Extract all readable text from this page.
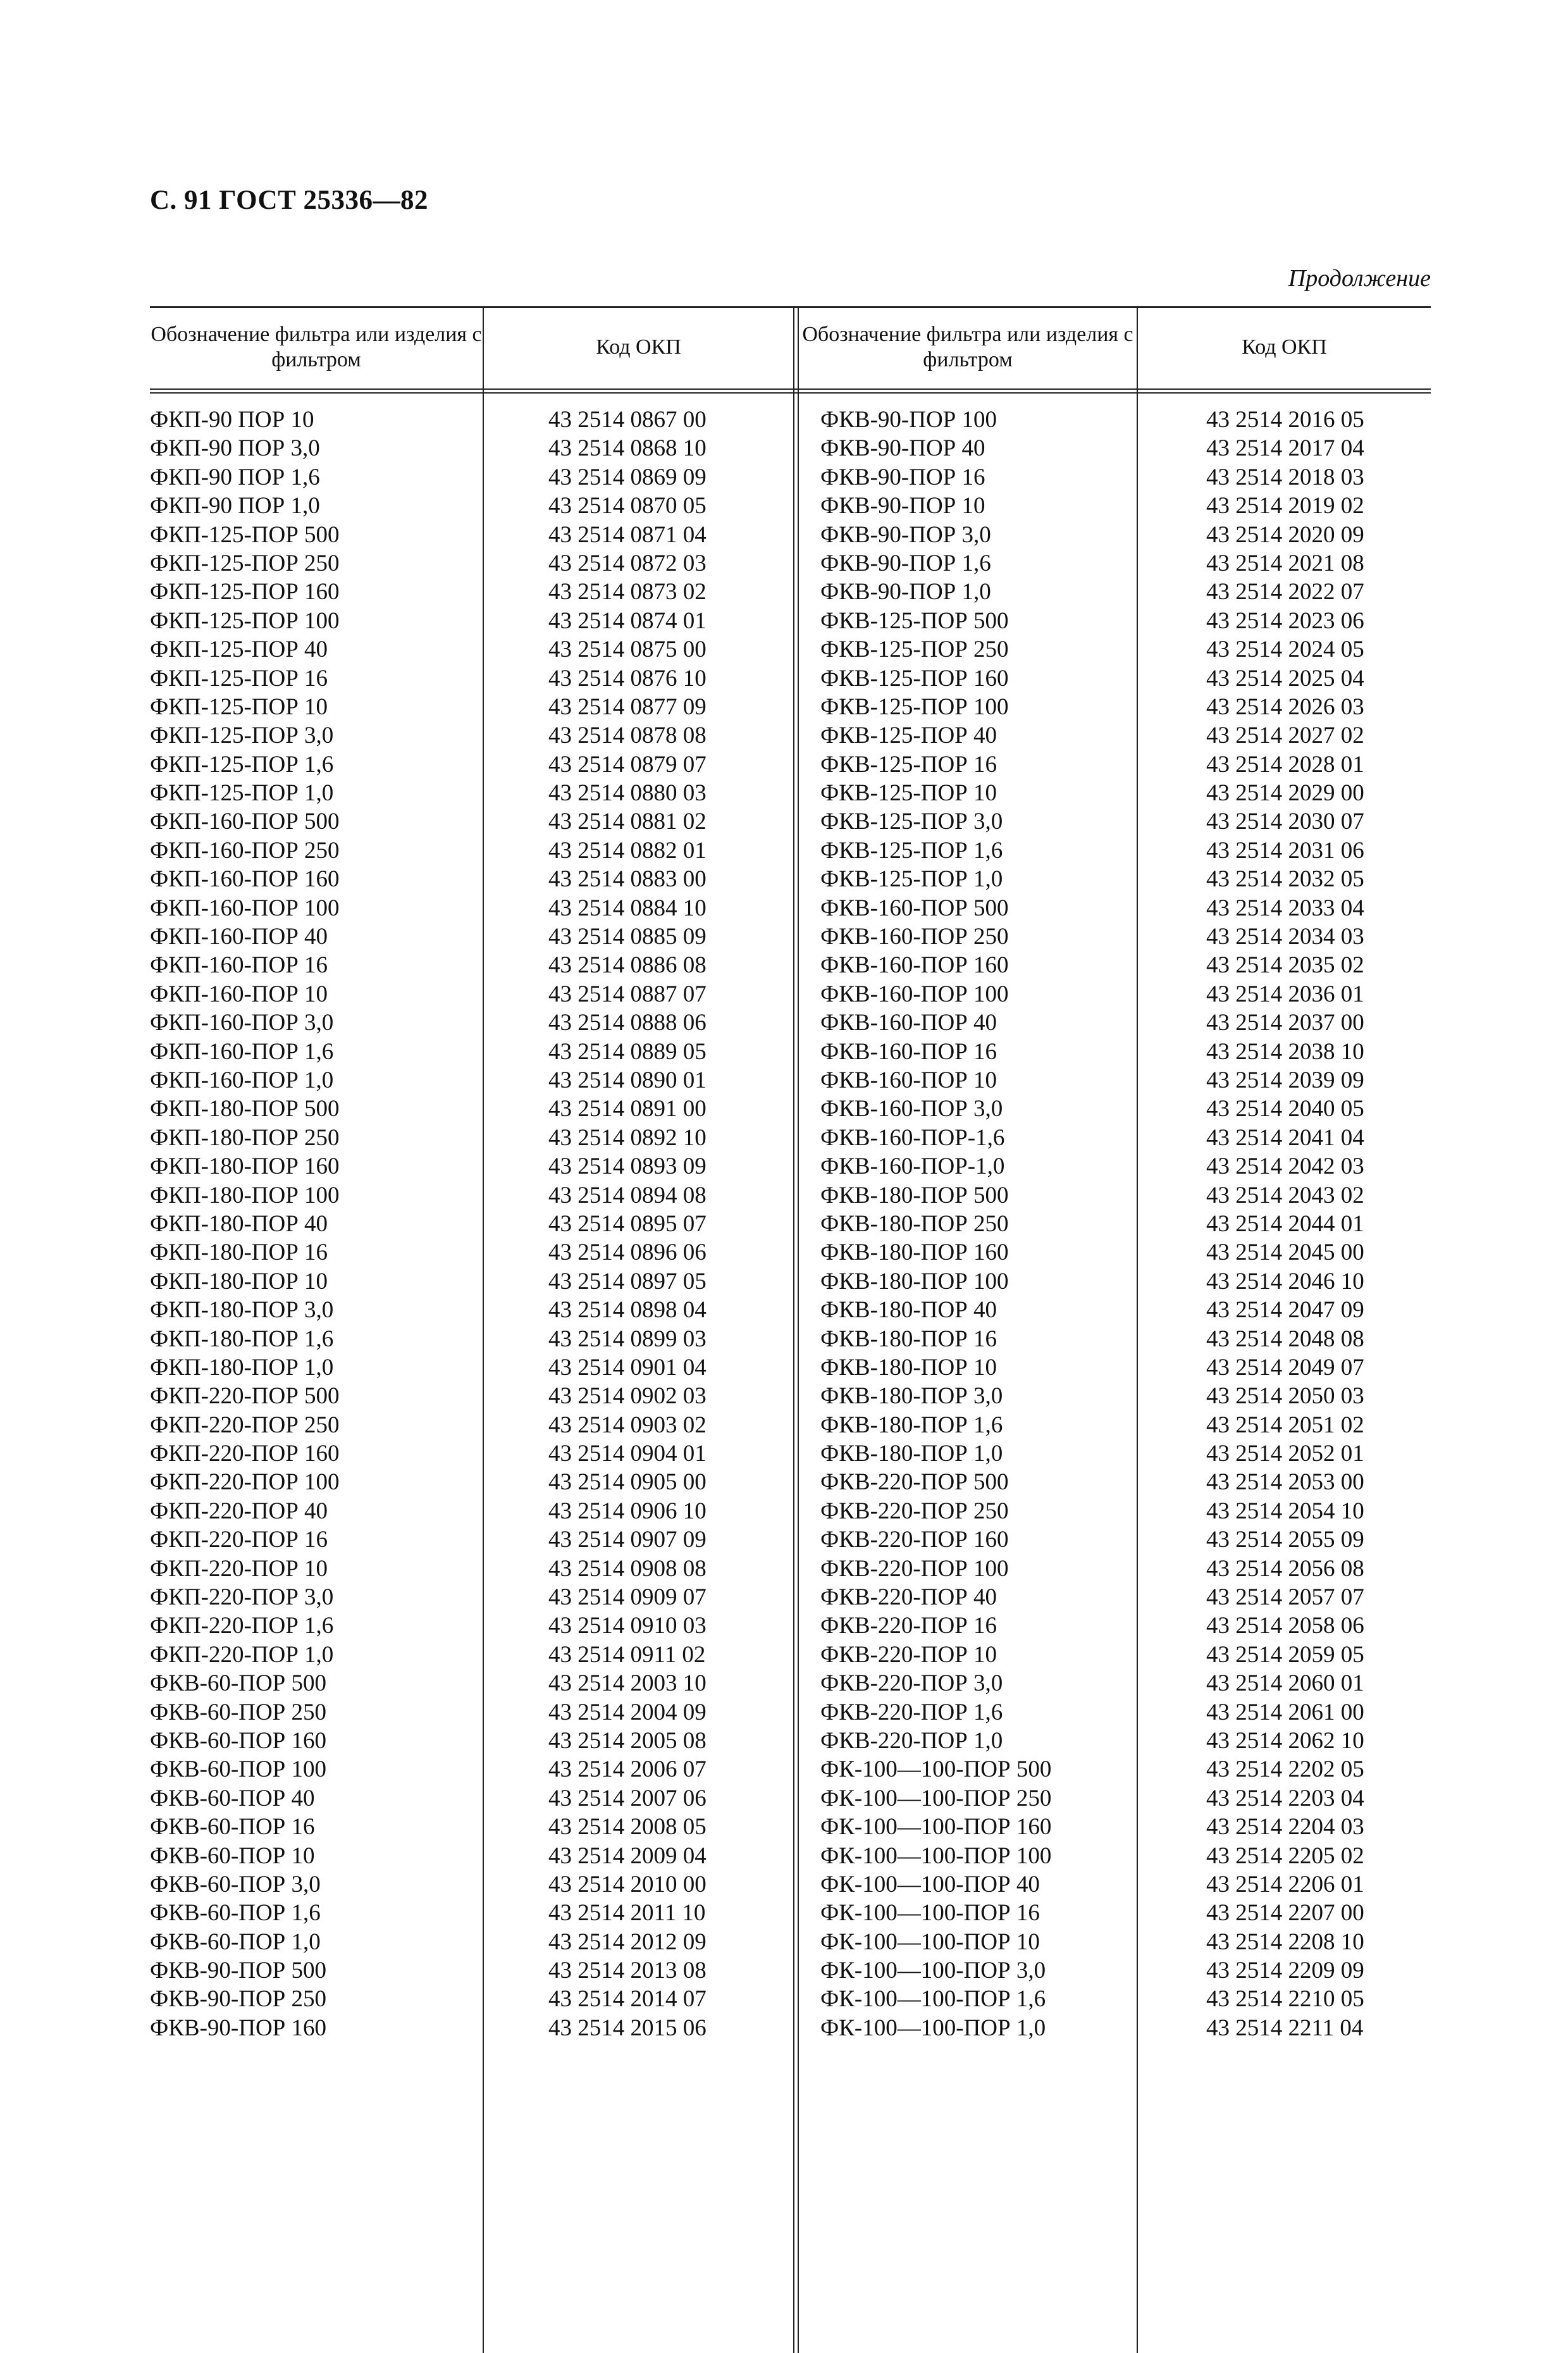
С. 91 ГОСТ 25336—82
Продолжение
Обозначение фильтра или изделия с фильтром
Код ОКП
Обозначение фильтра или изделия с фильтром
Код ОКП
ФКП-90 ПОР 10	43 2514 0867 00	ФКВ-90-ПОР 100	43 2514 2016 05
ФКП-90 ПОР 3,0	43 2514 0868 10	ФКВ-90-ПОР 40	43 2514 2017 04
ФКП-90 ПОР 1,6	43 2514 0869 09	ФКВ-90-ПОР 16	43 2514 2018 03
ФКП-90 ПОР 1,0	43 2514 0870 05	ФКВ-90-ПОР 10	43 2514 2019 02
ФКП-125-ПОР 500	43 2514 0871 04	ФКВ-90-ПОР 3,0	43 2514 2020 09
ФКП-125-ПОР 250	43 2514 0872 03	ФКВ-90-ПОР 1,6	43 2514 2021 08
ФКП-125-ПОР 160	43 2514 0873 02	ФКВ-90-ПОР 1,0	43 2514 2022 07
ФКП-125-ПОР 100	43 2514 0874 01	ФКВ-125-ПОР 500	43 2514 2023 06
ФКП-125-ПОР 40	43 2514 0875 00	ФКВ-125-ПОР 250	43 2514 2024 05
ФКП-125-ПОР 16	43 2514 0876 10	ФКВ-125-ПОР 160	43 2514 2025 04
ФКП-125-ПОР 10	43 2514 0877 09	ФКВ-125-ПОР 100	43 2514 2026 03
ФКП-125-ПОР 3,0	43 2514 0878 08	ФКВ-125-ПОР 40	43 2514 2027 02
ФКП-125-ПОР 1,6	43 2514 0879 07	ФКВ-125-ПОР 16	43 2514 2028 01
ФКП-125-ПОР 1,0	43 2514 0880 03	ФКВ-125-ПОР 10	43 2514 2029 00
ФКП-160-ПОР 500	43 2514 0881 02	ФКВ-125-ПОР 3,0	43 2514 2030 07
ФКП-160-ПОР 250	43 2514 0882 01	ФКВ-125-ПОР 1,6	43 2514 2031 06
ФКП-160-ПОР 160	43 2514 0883 00	ФКВ-125-ПОР 1,0	43 2514 2032 05
ФКП-160-ПОР 100	43 2514 0884 10	ФКВ-160-ПОР 500	43 2514 2033 04
ФКП-160-ПОР 40	43 2514 0885 09	ФКВ-160-ПОР 250	43 2514 2034 03
ФКП-160-ПОР 16	43 2514 0886 08	ФКВ-160-ПОР 160	43 2514 2035 02
ФКП-160-ПОР 10	43 2514 0887 07	ФКВ-160-ПОР 100	43 2514 2036 01
ФКП-160-ПОР 3,0	43 2514 0888 06	ФКВ-160-ПОР 40	43 2514 2037 00
ФКП-160-ПОР 1,6	43 2514 0889 05	ФКВ-160-ПОР 16	43 2514 2038 10
ФКП-160-ПОР 1,0	43 2514 0890 01	ФКВ-160-ПОР 10	43 2514 2039 09
ФКП-180-ПОР 500	43 2514 0891 00	ФКВ-160-ПОР 3,0	43 2514 2040 05
ФКП-180-ПОР 250	43 2514 0892 10	ФКВ-160-ПОР-1,6	43 2514 2041 04
ФКП-180-ПОР 160	43 2514 0893 09	ФКВ-160-ПОР-1,0	43 2514 2042 03
ФКП-180-ПОР 100	43 2514 0894 08	ФКВ-180-ПОР 500	43 2514 2043 02
ФКП-180-ПОР 40	43 2514 0895 07	ФКВ-180-ПОР 250	43 2514 2044 01
ФКП-180-ПОР 16	43 2514 0896 06	ФКВ-180-ПОР 160	43 2514 2045 00
ФКП-180-ПОР 10	43 2514 0897 05	ФКВ-180-ПОР 100	43 2514 2046 10
ФКП-180-ПОР 3,0	43 2514 0898 04	ФКВ-180-ПОР 40	43 2514 2047 09
ФКП-180-ПОР 1,6	43 2514 0899 03	ФКВ-180-ПОР 16	43 2514 2048 08
ФКП-180-ПОР 1,0	43 2514 0901 04	ФКВ-180-ПОР 10	43 2514 2049 07
ФКП-220-ПОР 500	43 2514 0902 03	ФКВ-180-ПОР 3,0	43 2514 2050 03
ФКП-220-ПОР 250	43 2514 0903 02	ФКВ-180-ПОР 1,6	43 2514 2051 02
ФКП-220-ПОР 160	43 2514 0904 01	ФКВ-180-ПОР 1,0	43 2514 2052 01
ФКП-220-ПОР 100	43 2514 0905 00	ФКВ-220-ПОР 500	43 2514 2053 00
ФКП-220-ПОР 40	43 2514 0906 10	ФКВ-220-ПОР 250	43 2514 2054 10
ФКП-220-ПОР 16	43 2514 0907 09	ФКВ-220-ПОР 160	43 2514 2055 09
ФКП-220-ПОР 10	43 2514 0908 08	ФКВ-220-ПОР 100	43 2514 2056 08
ФКП-220-ПОР 3,0	43 2514 0909 07	ФКВ-220-ПОР 40	43 2514 2057 07
ФКП-220-ПОР 1,6	43 2514 0910 03	ФКВ-220-ПОР 16	43 2514 2058 06
ФКП-220-ПОР 1,0	43 2514 0911 02	ФКВ-220-ПОР 10	43 2514 2059 05
ФКВ-60-ПОР 500	43 2514 2003 10	ФКВ-220-ПОР 3,0	43 2514 2060 01
ФКВ-60-ПОР 250	43 2514 2004 09	ФКВ-220-ПОР 1,6	43 2514 2061 00
ФКВ-60-ПОР 160	43 2514 2005 08	ФКВ-220-ПОР 1,0	43 2514 2062 10
ФКВ-60-ПОР 100	43 2514 2006 07	ФК-100—100-ПОР 500	43 2514 2202 05
ФКВ-60-ПОР 40	43 2514 2007 06	ФК-100—100-ПОР 250	43 2514 2203 04
ФКВ-60-ПОР 16	43 2514 2008 05	ФК-100—100-ПОР 160	43 2514 2204 03
ФКВ-60-ПОР 10	43 2514 2009 04	ФК-100—100-ПОР 100	43 2514 2205 02
ФКВ-60-ПОР 3,0	43 2514 2010 00	ФК-100—100-ПОР 40	43 2514 2206 01
ФКВ-60-ПОР 1,6	43 2514 2011 10	ФК-100—100-ПОР 16	43 2514 2207 00
ФКВ-60-ПОР 1,0	43 2514 2012 09	ФК-100—100-ПОР 10	43 2514 2208 10
ФКВ-90-ПОР 500	43 2514 2013 08	ФК-100—100-ПОР 3,0	43 2514 2209 09
ФКВ-90-ПОР 250	43 2514 2014 07	ФК-100—100-ПОР 1,6	43 2514 2210 05
ФКВ-90-ПОР 160	43 2514 2015 06	ФК-100—100-ПОР 1,0	43 2514 2211 04
